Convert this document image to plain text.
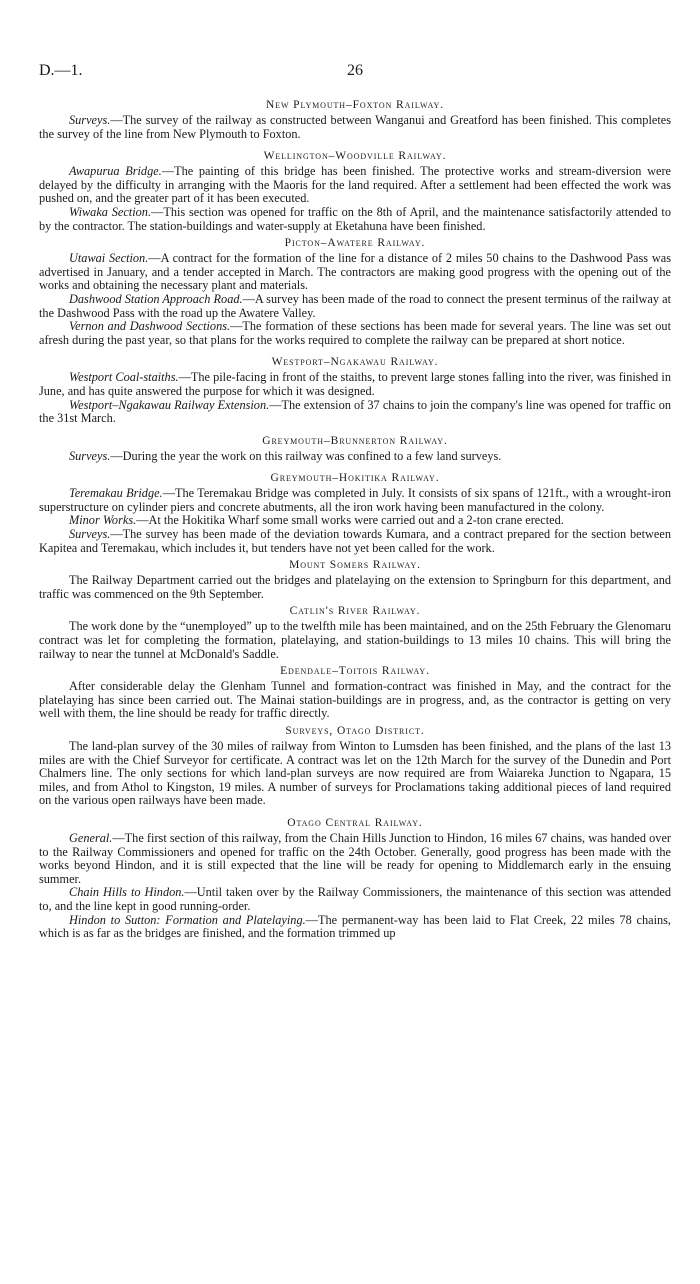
D.—1.	26
New Plymouth–Foxton Railway.

Surveys.—The survey of the railway as constructed between Wanganui and Greatford has been finished. This completes the survey of the line from New Plymouth to Foxton.

Wellington–Woodville Railway.

Awapurua Bridge.—The painting of this bridge has been finished. The protective works and stream-diversion were delayed by the difficulty in arranging with the Maoris for the land required. After a settlement had been effected the work was pushed on, and the greater part of it has been executed.

Wiwaka Section.—This section was opened for traffic on the 8th of April, and the maintenance satisfactorily attended to by the contractor. The station-buildings and water-supply at Eketahuna have been finished.

Picton–Awatere Railway.

Utawai Section.—A contract for the formation of the line for a distance of 2 miles 50 chains to the Dashwood Pass was advertised in January, and a tender accepted in March. The contractors are making good progress with the opening out of the works and obtaining the necessary plant and materials.

Dashwood Station Approach Road.—A survey has been made of the road to connect the present terminus of the railway at the Dashwood Pass with the road up the Awatere Valley.

Vernon and Dashwood Sections.—The formation of these sections has been made for several years. The line was set out afresh during the past year, so that plans for the works required to complete the railway can be prepared at short notice.

Westport–Ngakawau Railway.

Westport Coal-staiths.—The pile-facing in front of the staiths, to prevent large stones falling into the river, was finished in June, and has quite answered the purpose for which it was designed.

Westport–Ngakawau Railway Extension.—The extension of 37 chains to join the company's line was opened for traffic on the 31st March.

Greymouth–Brunnerton Railway.

Surveys.—During the year the work on this railway was confined to a few land surveys.

Greymouth–Hokitika Railway.

Teremakau Bridge.—The Teremakau Bridge was completed in July. It consists of six spans of 121ft., with a wrought-iron superstructure on cylinder piers and concrete abutments, all the iron work having been manufactured in the colony.

Minor Works.—At the Hokitika Wharf some small works were carried out and a 2-ton crane erected.

Surveys.—The survey has been made of the deviation towards Kumara, and a contract prepared for the section between Kapitea and Teremakau, which includes it, but tenders have not yet been called for the work.

Mount Somers Railway.

The Railway Department carried out the bridges and platelaying on the extension to Springburn for this department, and traffic was commenced on the 9th September.

Catlin's River Railway.

The work done by the “unemployed” up to the twelfth mile has been maintained, and on the 25th February the Glenomaru contract was let for completing the formation, platelaying, and station-buildings to 13 miles 10 chains. This will bring the railway to near the tunnel at McDonald's Saddle.

Edendale–Toitois Railway.

After considerable delay the Glenham Tunnel and formation-contract was finished in May, and the contract for the platelaying has since been carried out. The Mainai station-buildings are in progress, and, as the contractor is getting on very well with them, the line should be ready for traffic directly.

Surveys, Otago District.

The land-plan survey of the 30 miles of railway from Winton to Lumsden has been finished, and the plans of the last 13 miles are with the Chief Surveyor for certificate. A contract was let on the 12th March for the survey of the Dunedin and Port Chalmers line. The only sections for which land-plan surveys are now required are from Waiareka Junction to Ngapara, 15 miles, and from Athol to Kingston, 19 miles. A number of surveys for Proclamations taking additional pieces of land required on the various open railways have been made.

Otago Central Railway.

General.—The first section of this railway, from the Chain Hills Junction to Hindon, 16 miles 67 chains, was handed over to the Railway Commissioners and opened for traffic on the 24th October. Generally, good progress has been made with the works beyond Hindon, and it is still expected that the line will be ready for opening to Middlemarch early in the ensuing summer.

Chain Hills to Hindon.—Until taken over by the Railway Commissioners, the maintenance of this section was attended to, and the line kept in good running-order.

Hindon to Sutton: Formation and Platelaying.—The permanent-way has been laid to Flat Creek, 22 miles 78 chains, which is as far as the bridges are finished, and the formation trimmed up
